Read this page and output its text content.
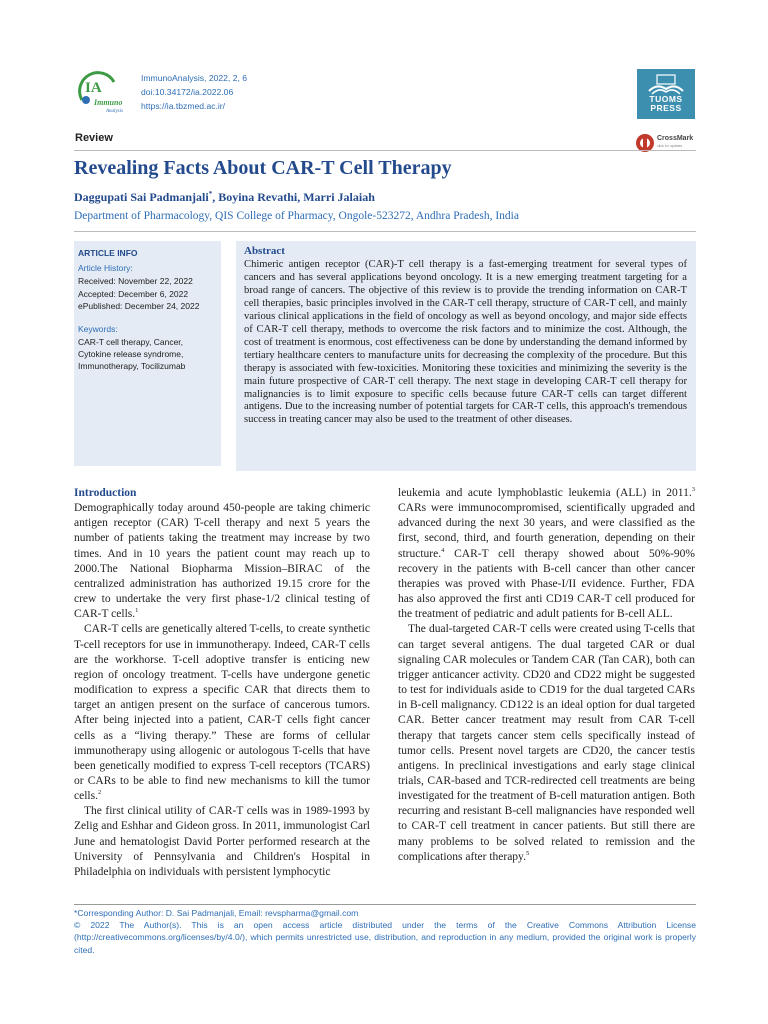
IA
Immuno
Analysis
ImmunoAnalysis, 2022, 2, 6
doi:10.34172/ia.2022.06
https://ia.tbzmed.ac.ir/
TUOMS
PRESS
Review	CrossMark
click for updates
Revealing Facts About CAR-T Cell Therapy
Daggupati Sai Padmanjali*, Boyina Revathi, Marri Jalaiah
Department of Pharmacology, QIS College of Pharmacy, Ongole-523272, Andhra Pradesh, India
ARTICLE INFO
Article History:
Received: November 22, 2022
Accepted: December 6, 2022
ePublished: December 24, 2022
Keywords:
CAR-T cell therapy, Cancer,
Cytokine release syndrome,
Immunotherapy, Tocilizumab
Abstract
Chimeric antigen receptor (CAR)-T cell therapy is a fast-emerging treatment for several types of cancers and has several applications beyond oncology. It is a new emerging treatment targeting for a broad range of cancers. The objective of this review is to provide the trending information on CAR-T cell therapies, basic principles involved in the CAR-T cell therapy, structure of CAR-T cell, and mainly various clinical applications in the field of oncology as well as beyond oncology, and major side effects of CAR-T cell therapy, methods to overcome the risk factors and to minimize the cost. Although, the cost of treatment is enormous, cost effectiveness can be done by understanding the demand informed by tertiary healthcare centers to manufacture units for decreasing the complexity of the procedure. But this therapy is associated with few-toxicities. Monitoring these toxicities and minimizing the severity is the main future prospective of CAR-T cell therapy. The next stage in developing CAR-T cell therapy for malignancies is to limit exposure to specific cells because future CAR-T cells can target different antigens. Due to the increasing number of potential targets for CAR-T cells, this approach's tremendous success in treating cancer may also be used to the treatment of other diseases.
Introduction

Demographically today around 450-people are taking chimeric antigen receptor (CAR) T-cell therapy and next 5 years the number of patients taking the treatment may increase by two times. And in 10 years the patient count may reach up to 2000.The National Biopharma Mission–BIRAC of the centralized administration has authorized 19.15 crore for the crew to undertake the very first phase-1/2 clinical testing of CAR-T cells.$^1$

CAR-T cells are genetically altered T-cells, to create synthetic T-cell receptors for use in immunotherapy. Indeed, CAR-T cells are the workhorse. T-cell adoptive transfer is enticing new region of oncology treatment. T-cells have undergone genetic modification to express a specific CAR that directs them to target an antigen present on the surface of cancerous tumors. After being injected into a patient, CAR-T cells fight cancer cells as a “living therapy.” These are forms of cellular immunotherapy using allogenic or autologous T-cells that have been genetically modified to express T-cell receptors (TCARS) or CARs to be able to find new mechanisms to kill the tumor cells.$^2$

The first clinical utility of CAR-T cells was in 1989-1993 by Zelig and Eshhar and Gideon gross. In 2011, immunologist Carl June and hematologist David Porter performed research at the University of Pennsylvania and Children's Hospital in Philadelphia on individuals with persistent lymphocytic

leukemia and acute lymphoblastic leukemia (ALL) in 2011.$^3$ CARs were immunocompromised, scientifically upgraded and advanced during the next 30 years, and were classified as the first, second, third, and fourth generation, depending on their structure.$^4$ CAR-T cell therapy showed about 50%-90% recovery in the patients with B-cell cancer than other cancer therapies was proved with Phase-I/II evidence. Further, FDA has also approved the first anti CD19 CAR-T cell produced for the treatment of pediatric and adult patients for B-cell ALL.

The dual-targeted CAR-T cells were created using T-cells that can target several antigens. The dual targeted CAR or dual signaling CAR molecules or Tandem CAR (Tan CAR), both can trigger anticancer activity. CD20 and CD22 might be suggested to test for individuals aside to CD19 for the dual targeted CARs in B-cell malignancy. CD122 is an ideal option for dual targeted CAR. Better cancer treatment may result from CAR T-cell therapy that targets cancer stem cells specifically instead of tumor cells. Present novel targets are CD20, the cancer testis antigens. In preclinical investigations and early stage clinical trials, CAR-based and TCR-redirected cell treatments are being investigated for the treatment of B-cell maturation antigen. Both recurring and resistant B-cell malignancies have responded well to CAR-T cell treatment in cancer patients. But still there are many problems to be solved related to remission and the complications after therapy.$^5$

*Corresponding Author: D. Sai Padmanjali, Email: revspharma@gmail.com

© 2022 The Author(s). This is an open access article distributed under the terms of the Creative Commons Attribution License (http://creativecommons.org/licenses/by/4.0/), which permits unrestricted use, distribution, and reproduction in any medium, provided the original work is properly cited.
